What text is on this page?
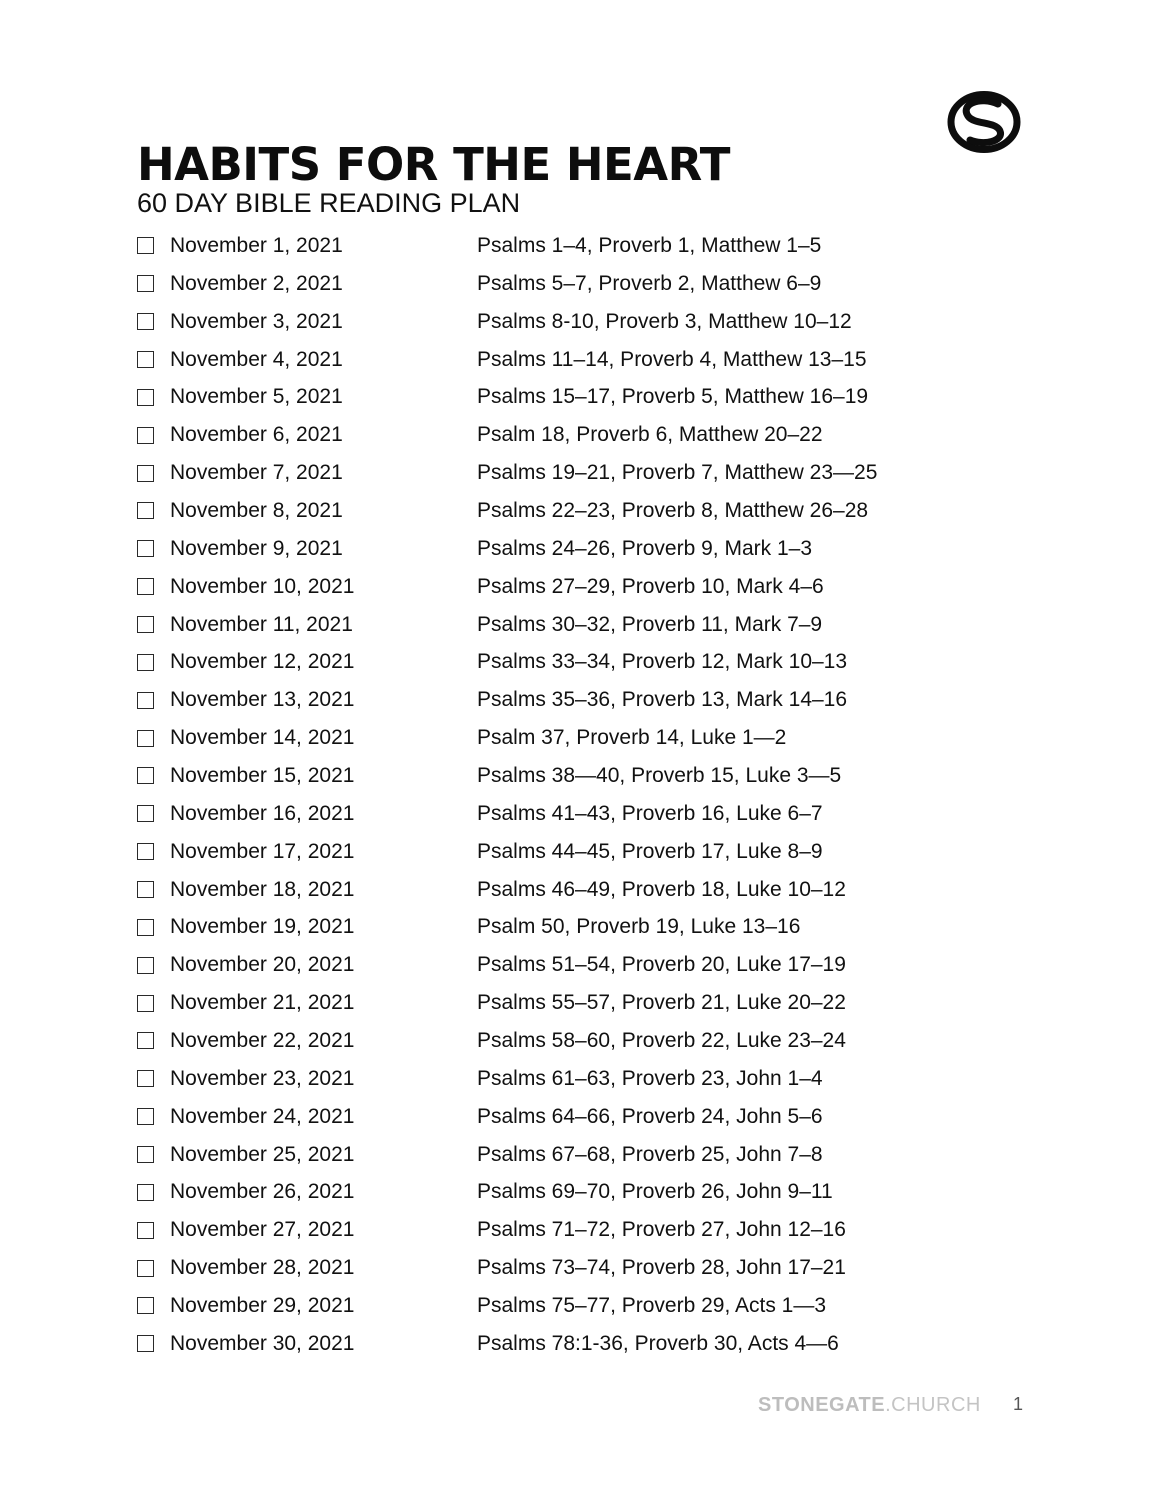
HABITS FOR THE HEART
60 DAY BIBLE READING PLAN
November 1, 2021	Psalms 1–4, Proverb 1, Matthew 1–5
November 2, 2021	Psalms 5–7, Proverb 2, Matthew 6–9
November 3, 2021	Psalms 8-10, Proverb 3, Matthew 10–12
November 4, 2021	Psalms 11–14, Proverb 4, Matthew 13–15
November 5, 2021	Psalms 15–17, Proverb 5, Matthew 16–19
November 6, 2021	Psalm 18, Proverb 6, Matthew 20–22
November 7, 2021	Psalms 19–21, Proverb 7, Matthew 23—25
November 8, 2021	Psalms 22–23, Proverb 8, Matthew 26–28
November 9, 2021	Psalms 24–26, Proverb 9, Mark 1–3
November 10, 2021	Psalms 27–29, Proverb 10, Mark 4–6
November 11, 2021	Psalms 30–32, Proverb 11, Mark 7–9
November 12, 2021	Psalms 33–34, Proverb 12, Mark 10–13
November 13, 2021	Psalms 35–36, Proverb 13, Mark 14–16
November 14, 2021	Psalm 37, Proverb 14, Luke 1—2
November 15, 2021	Psalms 38—40, Proverb 15, Luke 3—5
November 16, 2021	Psalms 41–43, Proverb 16, Luke 6–7
November 17, 2021	Psalms 44–45, Proverb 17, Luke 8–9
November 18, 2021	Psalms 46–49, Proverb 18, Luke 10–12
November 19, 2021	Psalm 50, Proverb 19, Luke 13–16
November 20, 2021	Psalms 51–54, Proverb 20, Luke 17–19
November 21, 2021	Psalms 55–57, Proverb 21, Luke 20–22
November 22, 2021	Psalms 58–60, Proverb 22, Luke 23–24
November 23, 2021	Psalms 61–63, Proverb 23, John 1–4
November 24, 2021	Psalms 64–66, Proverb 24, John 5–6
November 25, 2021	Psalms 67–68, Proverb 25, John 7–8
November 26, 2021	Psalms 69–70, Proverb 26, John 9–11
November 27, 2021	Psalms 71–72, Proverb 27, John 12–16
November 28, 2021	Psalms 73–74, Proverb 28, John 17–21
November 29, 2021	Psalms 75–77, Proverb 29, Acts 1—3
November 30, 2021	Psalms 78:1-36, Proverb 30, Acts 4—6
STONEGATE.CHURCH 1
